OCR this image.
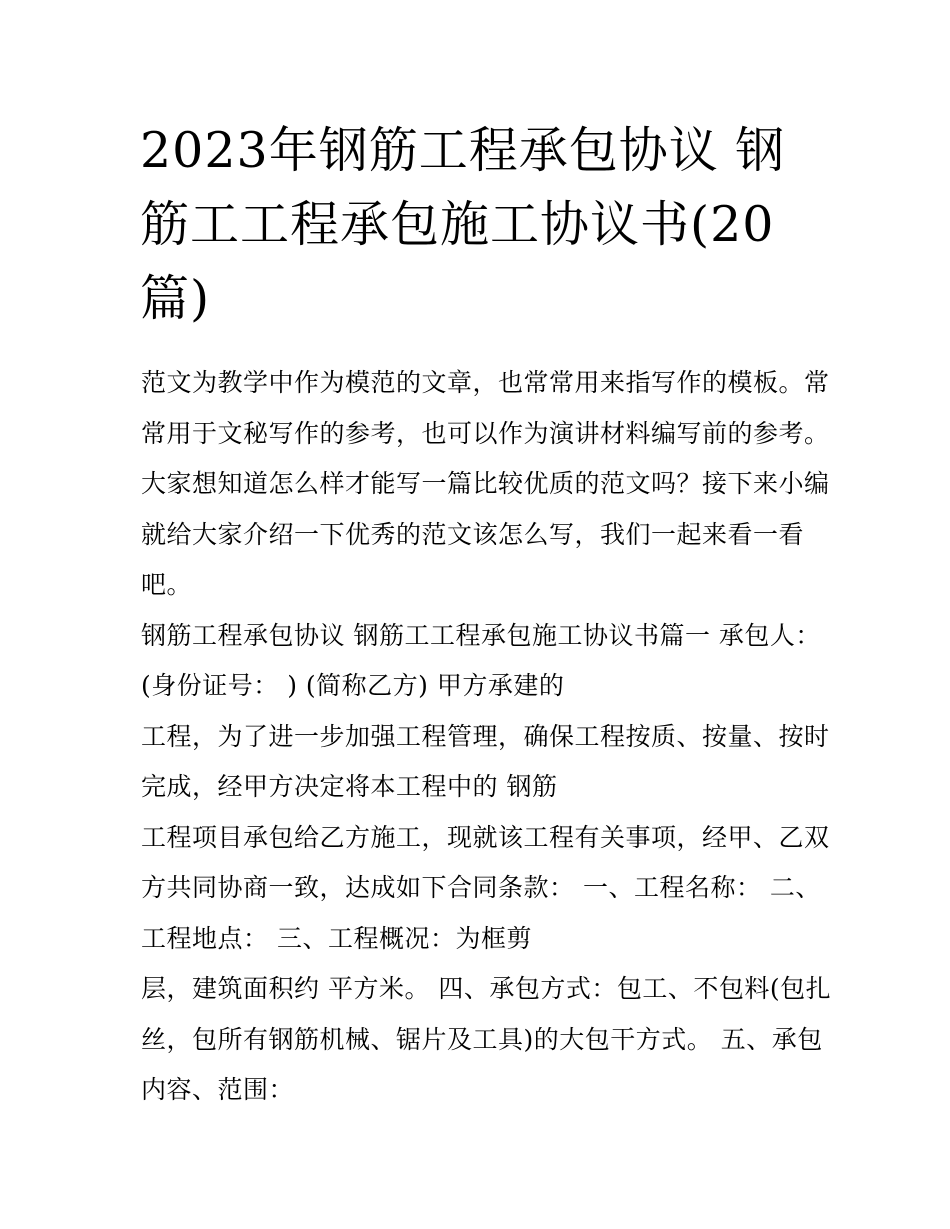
2023年钢筋工程承包协议 钢
筋工工程承包施工协议书(20
篇)
范文为教学中作为模范的文章，也常常用来指写作的模板。常
常用于文秘写作的参考，也可以作为演讲材料编写前的参考。
大家想知道怎么样才能写一篇比较优质的范文吗？接下来小编
就给大家介绍一下优秀的范文该怎么写，我们一起来看一看
吧。
钢筋工程承包协议 钢筋工工程承包施工协议书篇一 承包人：
(身份证号： ) (简称乙方) 甲方承建的
工程，为了进一步加强工程管理，确保工程按质、按量、按时
完成，经甲方决定将本工程中的 钢筋
工程项目承包给乙方施工，现就该工程有关事项，经甲、乙双
方共同协商一致，达成如下合同条款： 一、工程名称： 二、
工程地点： 三、工程概况：为框剪
层，建筑面积约 平方米。 四、承包方式：包工、不包料(包扎
丝，包所有钢筋机械、锯片及工具)的大包干方式。 五、承包
内容、范围：
